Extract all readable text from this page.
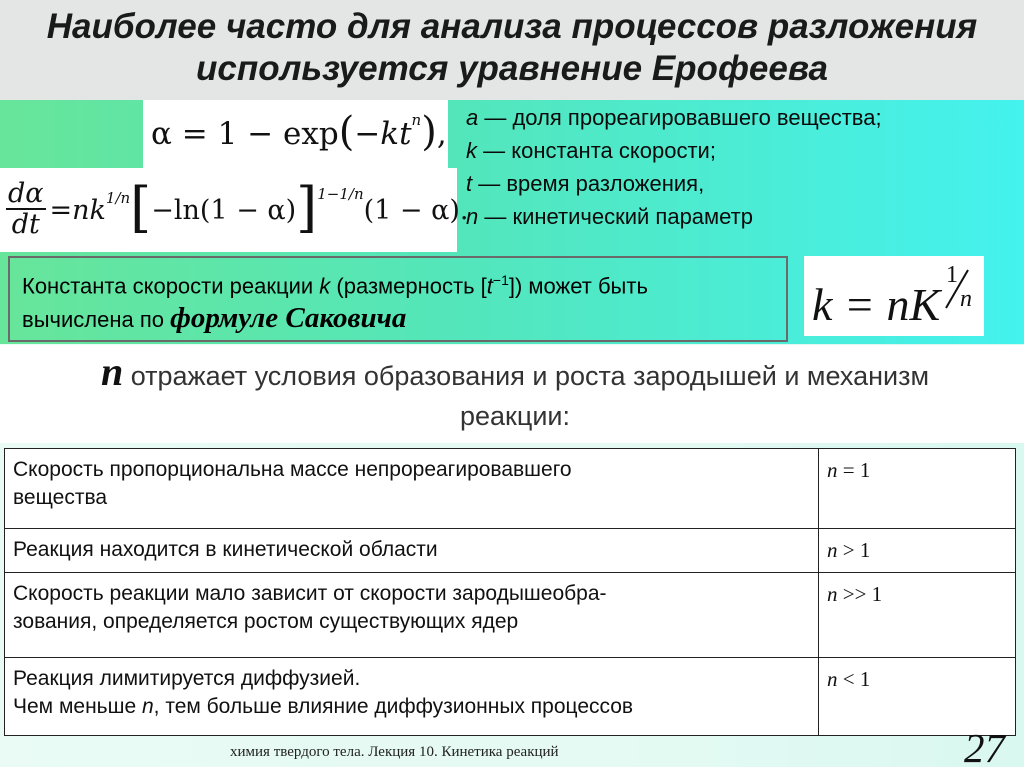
Наиболее часто для анализа процессов разложения
используется уравнение Ерофеева
α = 1 − exp ( −kt n ) ,
$\frac{d\alpha}{dt}$ = nk 1/n [ −ln(1 − α) ] 1−1/n
(1 − α).
a — доля прореагировавшего вещества;
k — константа скорости;
t — время разложения,
n — кинетический параметр
Константа скорости реакции k (размерность $[t^{-1}]$) может быть
вычислена по формуле Саковича	k = nK
1
n
n отражает условия образования и роста зародышей и механизм
реакции:
Скорость пропорциональна массе непрореагировавшего
вещества	n = 1

Реакция находится в кинетической области	n > 1

Скорость реакции мало зависит от скорости зародышеобра-
зования, определяется ростом существующих ядер	n >> 1

Реакция лимитируется диффузией.
Чем меньше n, тем больше влияние диффузионных процессов	n < 1
химия твердого тела. Лекция 10. Кинетика реакций	27
